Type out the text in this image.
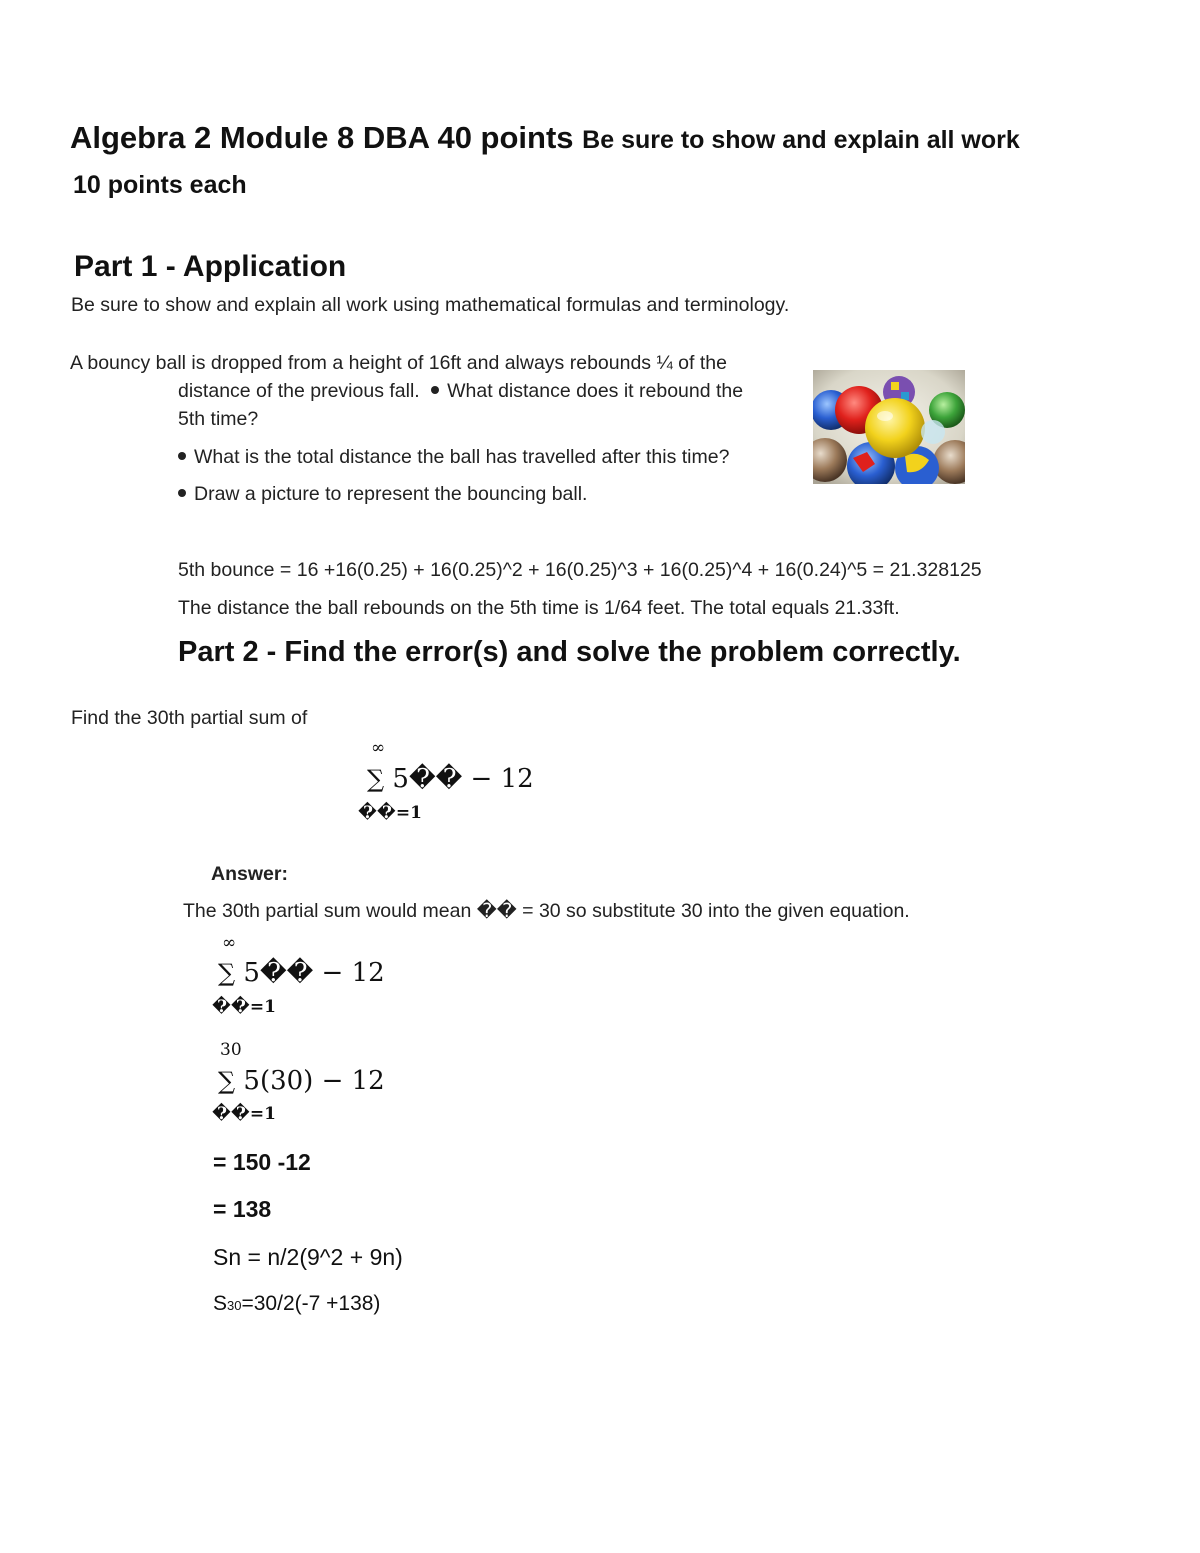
Algebra 2 Module 8 DBA 40 points Be sure to show and explain all work
10 points each
Part 1 - Application
Be sure to show and explain all work using mathematical formulas and terminology.
A bouncy ball is dropped from a height of 16ft and always rebounds ¼ of the
distance of the previous fall. What distance does it rebound the
5th time?
What is the total distance the ball has travelled after this time?
Draw a picture to represent the bouncing ball.
5th bounce = 16 +16(0.25) + 16(0.25)^2 + 16(0.25)^3 + 16(0.25)^4 + 16(0.24)^5 = 21.328125
The distance the ball rebounds on the 5th time is 1/64 feet. The total equals 21.33ft.
Part 2 - Find the error(s) and solve the problem correctly.
Find the 30th partial sum of
∞
∑ 5�� − 12
��=1
Answer:
The 30th partial sum would mean �� = 30 so substitute 30 into the given equation.
∞
∑ 5�� − 12
��=1
30
∑ 5(30) − 12
��=1
= 150 -12
= 138
Sn = n/2(9^2 + 9n)
S30=30/2(-7 +138)
